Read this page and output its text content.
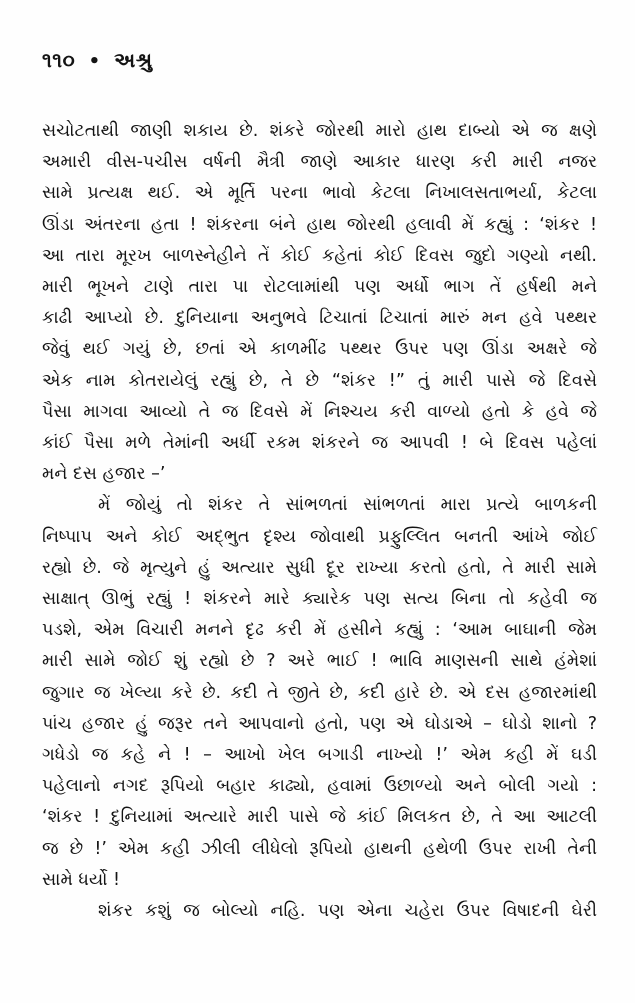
૧૧૦ • અશ્રુ
સચોટતાથી જાણી શકાય છે. શંકરે જોરથી મારો હાથ દાબ્યો એ જ ક્ષણે
અમારી વીસ-પચીસ વર્ષની મૈત્રી જાણે આકાર ધારણ કરી મારી નજર
સામે પ્રત્યક્ષ થઈ. એ મૂર્તિ પરના ભાવો કેટલા નિખાલસતાભર્યા, કેટલા
ઊંડા અંતરના હતા ! શંકરના બંને હાથ જોરથી હલાવી મેં કહ્યું : ‘શંકર !
આ તારા મૂરખ બાળસ્નેહીને તેં કોઈ કહેતાં કોઈ દિવસ જુદો ગણ્યો નથી.
મારી ભૂખને ટાણે તારા પા રોટલામાંથી પણ અર્ધો ભાગ તેં હર્ષથી મને
કાઢી આપ્યો છે. દુનિયાના અનુભવે ટિચાતાં ટિચાતાં મારું મન હવે પથ્થર
જેવું થઈ ગયું છે, છતાં એ કાળમીંઢ પથ્થર ઉપર પણ ઊંડા અક્ષરે જે
એક નામ કોતરાયેલું રહ્યું છે, તે છે “શંકર !” તું મારી પાસે જે દિવસે
પૈસા માગવા આવ્યો તે જ દિવસે મેં નિશ્ચય કરી વાળ્યો હતો કે હવે જે
કાંઈ પૈસા મળે તેમાંની અર્ધી રકમ શંકરને જ આપવી ! બે દિવસ પહેલાં
મને દસ હજાર –’
મેં જોયું તો શંકર તે સાંભળતાં સાંભળતાં મારા પ્રત્યે બાળકની
નિષ્પાપ અને કોઈ અદ્ભુત દૃશ્ય જોવાથી પ્રફુલ્લિત બનતી આંખે જોઈ
રહ્યો છે. જે મૃત્યુને હું અત્યાર સુધી દૂર રાખ્યા કરતો હતો, તે મારી સામે
સાક્ષાત્ ઊભું રહ્યું ! શંકરને મારે ક્યારેક પણ સત્ય બિના તો કહેવી જ
પડશે, એમ વિચારી મનને દૃઢ કરી મેં હસીને કહ્યું : ‘આમ બાઘાની જેમ
મારી સામે જોઈ શું રહ્યો છે ? અરે ભાઈ ! ભાવિ માણસની સાથે હંમેશાં
જુગાર જ ખેલ્યા કરે છે. કદી તે જીતે છે, કદી હારે છે. એ દસ હજારમાંથી
પાંચ હજાર હું જરૂર તને આપવાનો હતો, પણ એ ઘોડાએ – ઘોડો શાનો ?
ગધેડો જ કહે ને ! – આખો ખેલ બગાડી નાખ્યો !’ એમ કહી મેં ઘડી
પહેલાનો નગદ રૂપિયો બહાર કાઢ્યો, હવામાં ઉછાળ્યો અને બોલી ગયો :
‘શંકર ! દુનિયામાં અત્યારે મારી પાસે જે કાંઈ મિલકત છે, તે આ આટલી
જ છે !’ એમ કહી ઝીલી લીધેલો રૂપિયો હાથની હથેળી ઉપર રાખી તેની
સામે ધર્યો !
શંકર કશું જ બોલ્યો નહિ. પણ એના ચહેરા ઉપર વિષાદની ઘેરી
